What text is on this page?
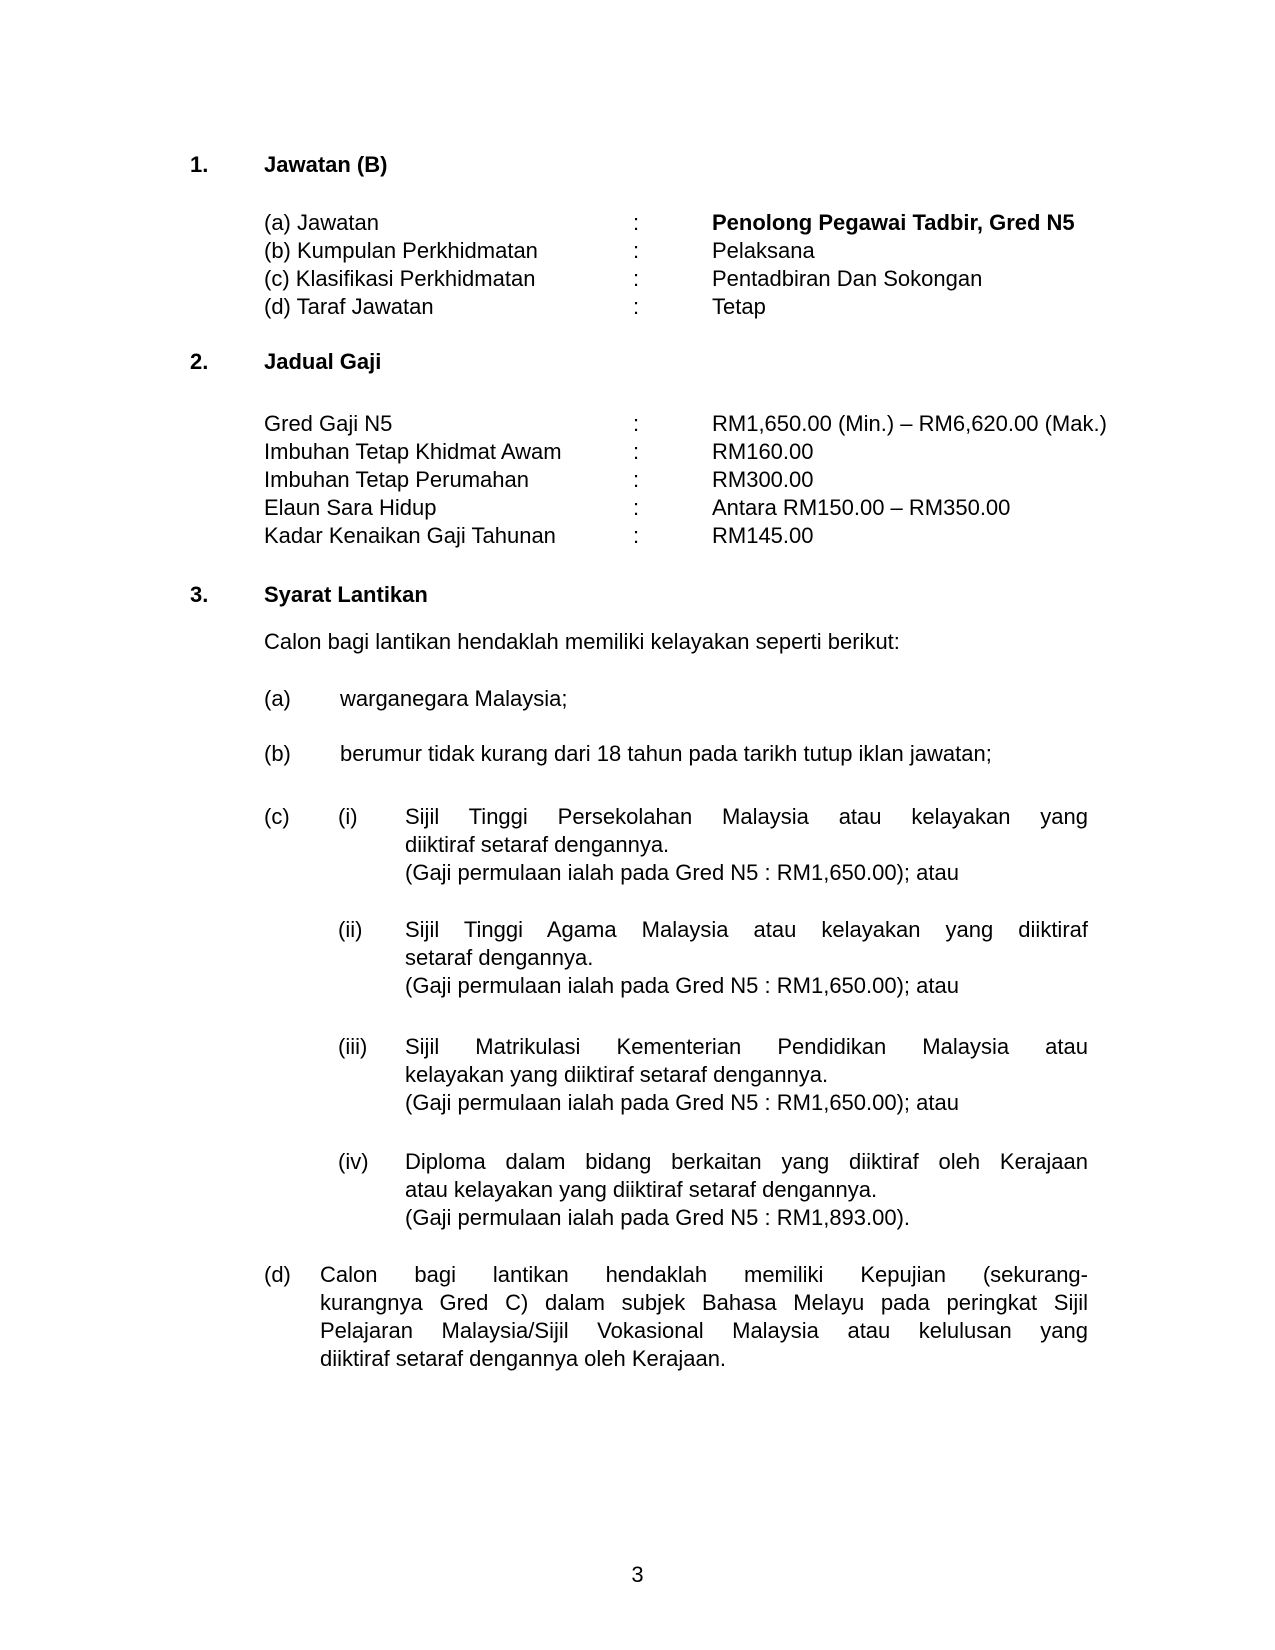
1.	Jawatan (B)
(a) Jawatan	:	Penolong Pegawai Tadbir, Gred N5
(b) Kumpulan Perkhidmatan	:	Pelaksana
(c) Klasifikasi Perkhidmatan	:	Pentadbiran Dan Sokongan
(d) Taraf Jawatan	:	Tetap
2.	Jadual Gaji
Gred Gaji N5	:	RM1,650.00 (Min.) – RM6,620.00 (Mak.)
Imbuhan Tetap Khidmat Awam	:	RM160.00
Imbuhan Tetap Perumahan	:	RM300.00
Elaun Sara Hidup	:	Antara RM150.00 – RM350.00
Kadar Kenaikan Gaji Tahunan	:	RM145.00
3.	Syarat Lantikan
Calon bagi lantikan hendaklah memiliki kelayakan seperti berikut:
(a)	warganegara Malaysia;
(b)	berumur tidak kurang dari 18 tahun pada tarikh tutup iklan jawatan;
(c)	(i)	Sijil Tinggi Persekolahan Malaysia atau kelayakan yang
diiktiraf setaraf dengannya.
(Gaji permulaan ialah pada Gred N5 : RM1,650.00); atau
(ii)	Sijil Tinggi Agama Malaysia atau kelayakan yang diiktiraf
setaraf dengannya.
(Gaji permulaan ialah pada Gred N5 : RM1,650.00); atau
(iii)	Sijil Matrikulasi Kementerian Pendidikan Malaysia atau
kelayakan yang diiktiraf setaraf dengannya.
(Gaji permulaan ialah pada Gred N5 : RM1,650.00); atau
(iv)	Diploma dalam bidang berkaitan yang diiktiraf oleh Kerajaan
atau kelayakan yang diiktiraf setaraf dengannya.
(Gaji permulaan ialah pada Gred N5 : RM1,893.00).
(d)	Calon bagi lantikan hendaklah memiliki Kepujian (sekurang-
kurangnya Gred C) dalam subjek Bahasa Melayu pada peringkat Sijil
Pelajaran Malaysia/Sijil Vokasional Malaysia atau kelulusan yang
diiktiraf setaraf dengannya oleh Kerajaan.
3
